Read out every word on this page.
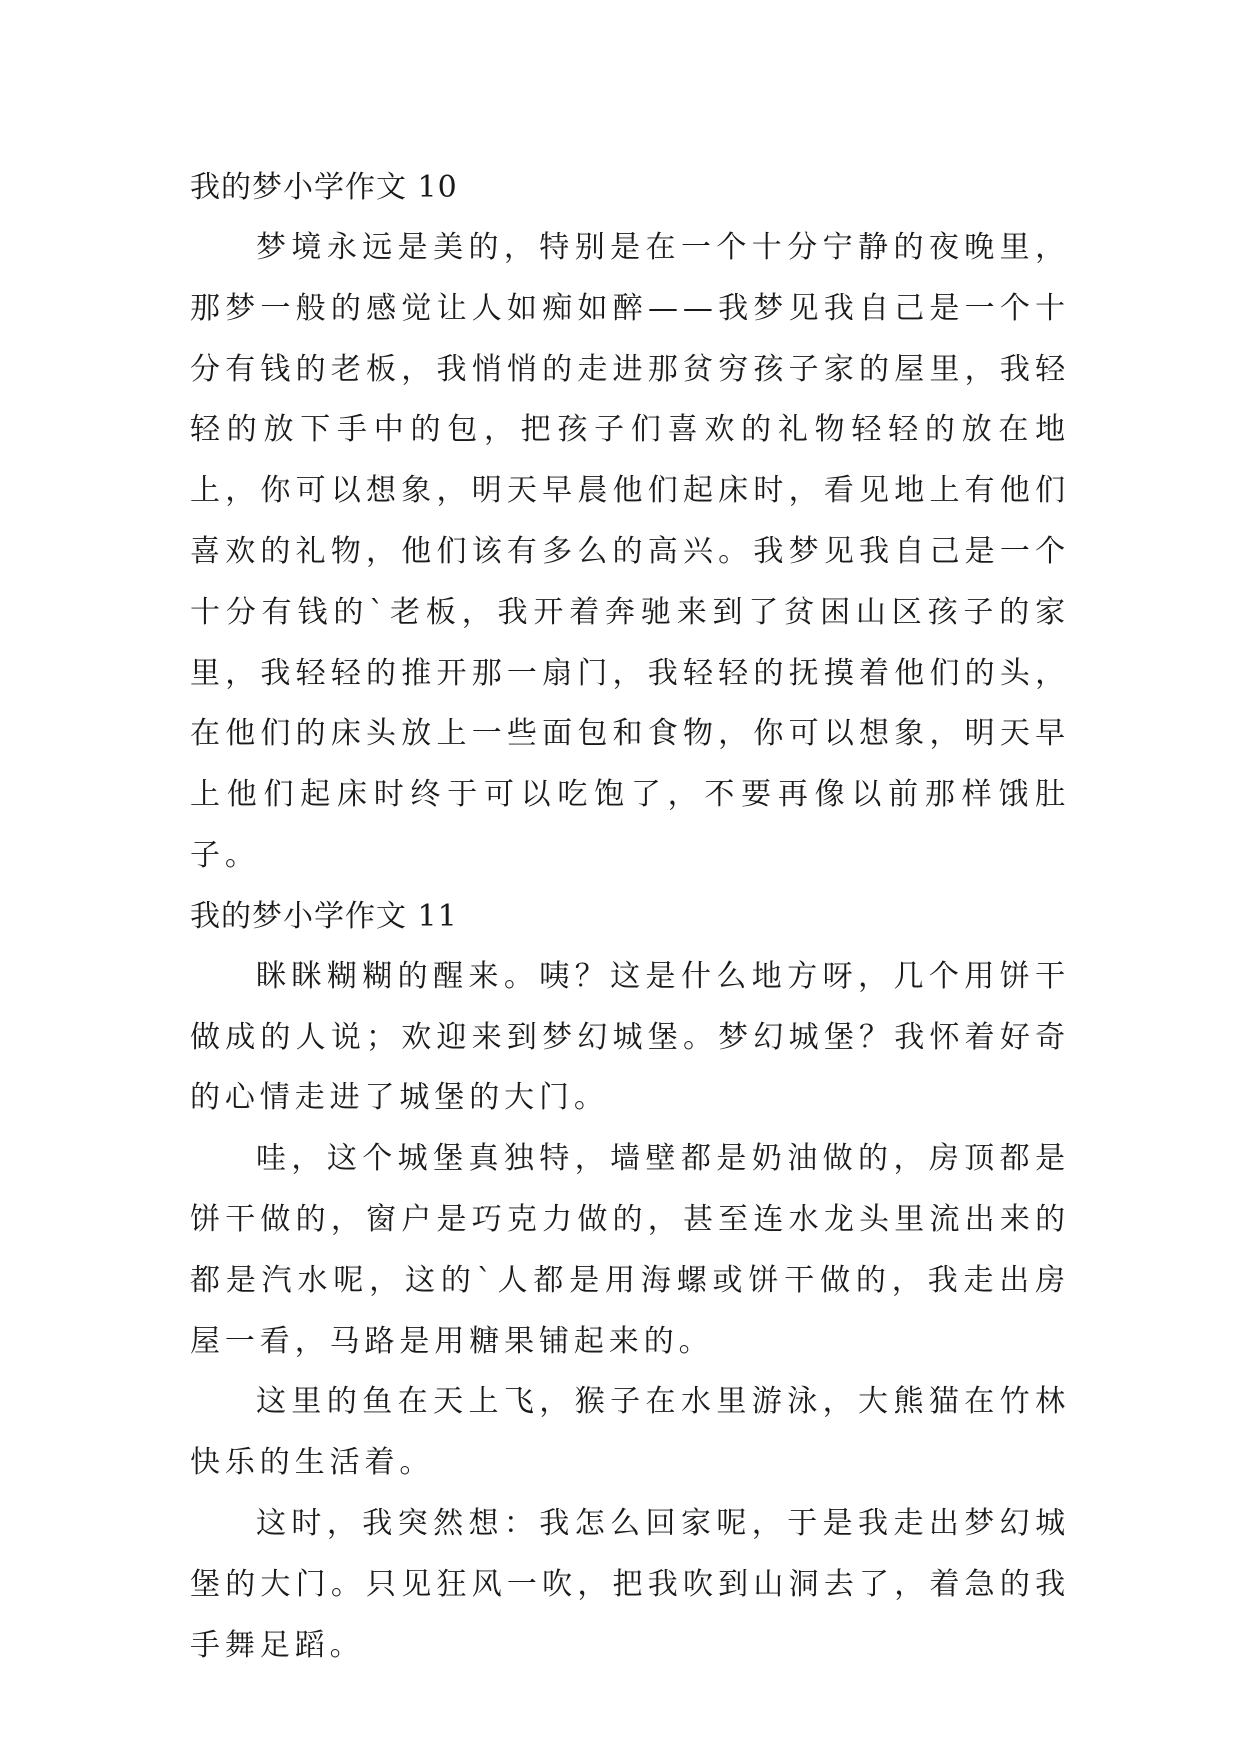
我的梦小学作文 10

梦境永远是美的，特别是在一个十分宁静的夜晚里，那梦一般的感觉让人如痴如醉——我梦见我自己是一个十分有钱的老板，我悄悄的走进那贫穷孩子家的屋里，我轻轻的放下手中的包，把孩子们喜欢的礼物轻轻的放在地上，你可以想象，明天早晨他们起床时，看见地上有他们喜欢的礼物，他们该有多么的高兴。我梦见我自己是一个十分有钱的`老板，我开着奔驰来到了贫困山区孩子的家里，我轻轻的推开那一扇门，我轻轻的抚摸着他们的头，在他们的床头放上一些面包和食物，你可以想象，明天早上他们起床时终于可以吃饱了，不要再像以前那样饿肚子。

我的梦小学作文 11

眯眯糊糊的醒来。咦？这是什么地方呀，几个用饼干做成的人说；欢迎来到梦幻城堡。梦幻城堡？我怀着好奇的心情走进了城堡的大门。

哇，这个城堡真独特，墙壁都是奶油做的，房顶都是饼干做的，窗户是巧克力做的，甚至连水龙头里流出来的都是汽水呢，这的`人都是用海螺或饼干做的，我走出房屋一看，马路是用糖果铺起来的。

这里的鱼在天上飞，猴子在水里游泳，大熊猫在竹林快乐的生活着。

这时，我突然想：我怎么回家呢，于是我走出梦幻城堡的大门。只见狂风一吹，把我吹到山洞去了，着急的我手舞足蹈。
